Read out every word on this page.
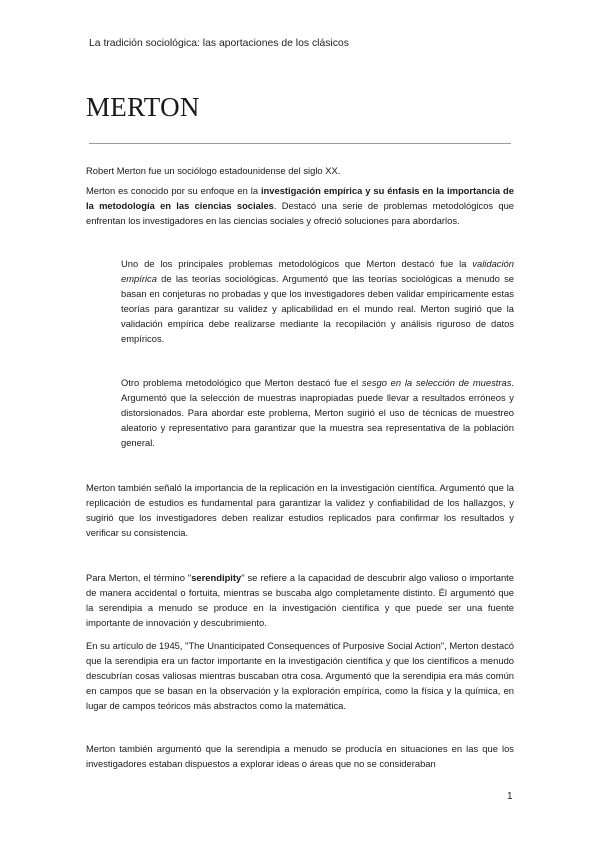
La tradición sociológica: las aportaciones de los clásicos
MERTON

Robert Merton fue un sociólogo estadounidense del siglo XX.

Merton es conocido por su enfoque en la investigación empírica y su énfasis en la importancia de la metodología en las ciencias sociales. Destacó una serie de problemas metodológicos que enfrentan los investigadores en las ciencias sociales y ofreció soluciones para abordarlos.

Uno de los principales problemas metodológicos que Merton destacó fue la validación empírica de las teorías sociológicas. Argumentó que las teorías sociológicas a menudo se basan en conjeturas no probadas y que los investigadores deben validar empíricamente estas teorías para garantizar su validez y aplicabilidad en el mundo real. Merton sugirió que la validación empírica debe realizarse mediante la recopilación y análisis riguroso de datos empíricos.

Otro problema metodológico que Merton destacó fue el sesgo en la selección de muestras. Argumentó que la selección de muestras inapropiadas puede llevar a resultados erróneos y distorsionados. Para abordar este problema, Merton sugirió el uso de técnicas de muestreo aleatorio y representativo para garantizar que la muestra sea representativa de la población general.

Merton también señaló la importancia de la replicación en la investigación científica. Argumentó que la replicación de estudios es fundamental para garantizar la validez y confiabilidad de los hallazgos, y sugirió que los investigadores deben realizar estudios replicados para confirmar los resultados y verificar su consistencia.

Para Merton, el término "serendipity" se refiere a la capacidad de descubrir algo valioso o importante de manera accidental o fortuita, mientras se buscaba algo completamente distinto. Él argumentó que la serendipia a menudo se produce en la investigación científica y que puede ser una fuente importante de innovación y descubrimiento.

En su artículo de 1945, "The Unanticipated Consequences of Purposive Social Action", Merton destacó que la serendipia era un factor importante en la investigación científica y que los científicos a menudo descubrían cosas valiosas mientras buscaban otra cosa. Argumentó que la serendipia era más común en campos que se basan en la observación y la exploración empírica, como la física y la química, en lugar de campos teóricos más abstractos como la matemática.

Merton también argumentó que la serendipia a menudo se producía en situaciones en las que los investigadores estaban dispuestos a explorar ideas o áreas que no se consideraban

1
